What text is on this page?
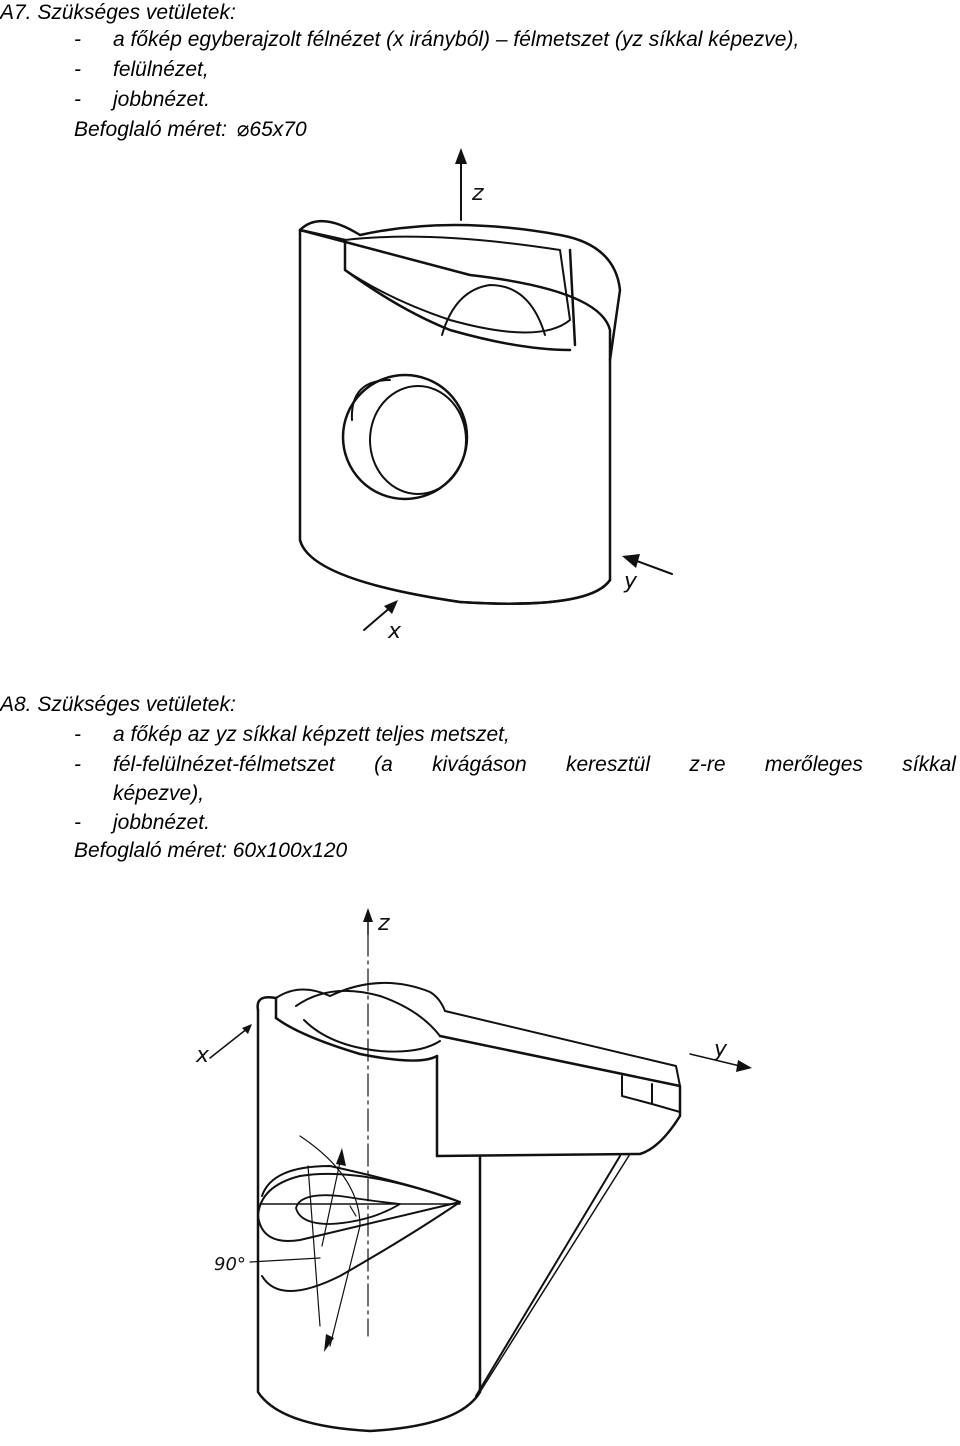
A7. Szükséges vetületek:
-	a főkép egyberajzolt félnézet (x irányból) – félmetszet (yz síkkal képezve),
-	felülnézet,
-	jobbnézet.
Befoglaló méret: ⌀65x70
z
y
x
A8. Szükséges vetületek:
-	a főkép az yz síkkal képzett teljes metszet,
-	fél-felülnézet-félmetszet (a kivágáson keresztül z-re merőleges síkkal
képezve),
-	jobbnézet.
Befoglaló méret: 60x100x120
z
y
x
90°
